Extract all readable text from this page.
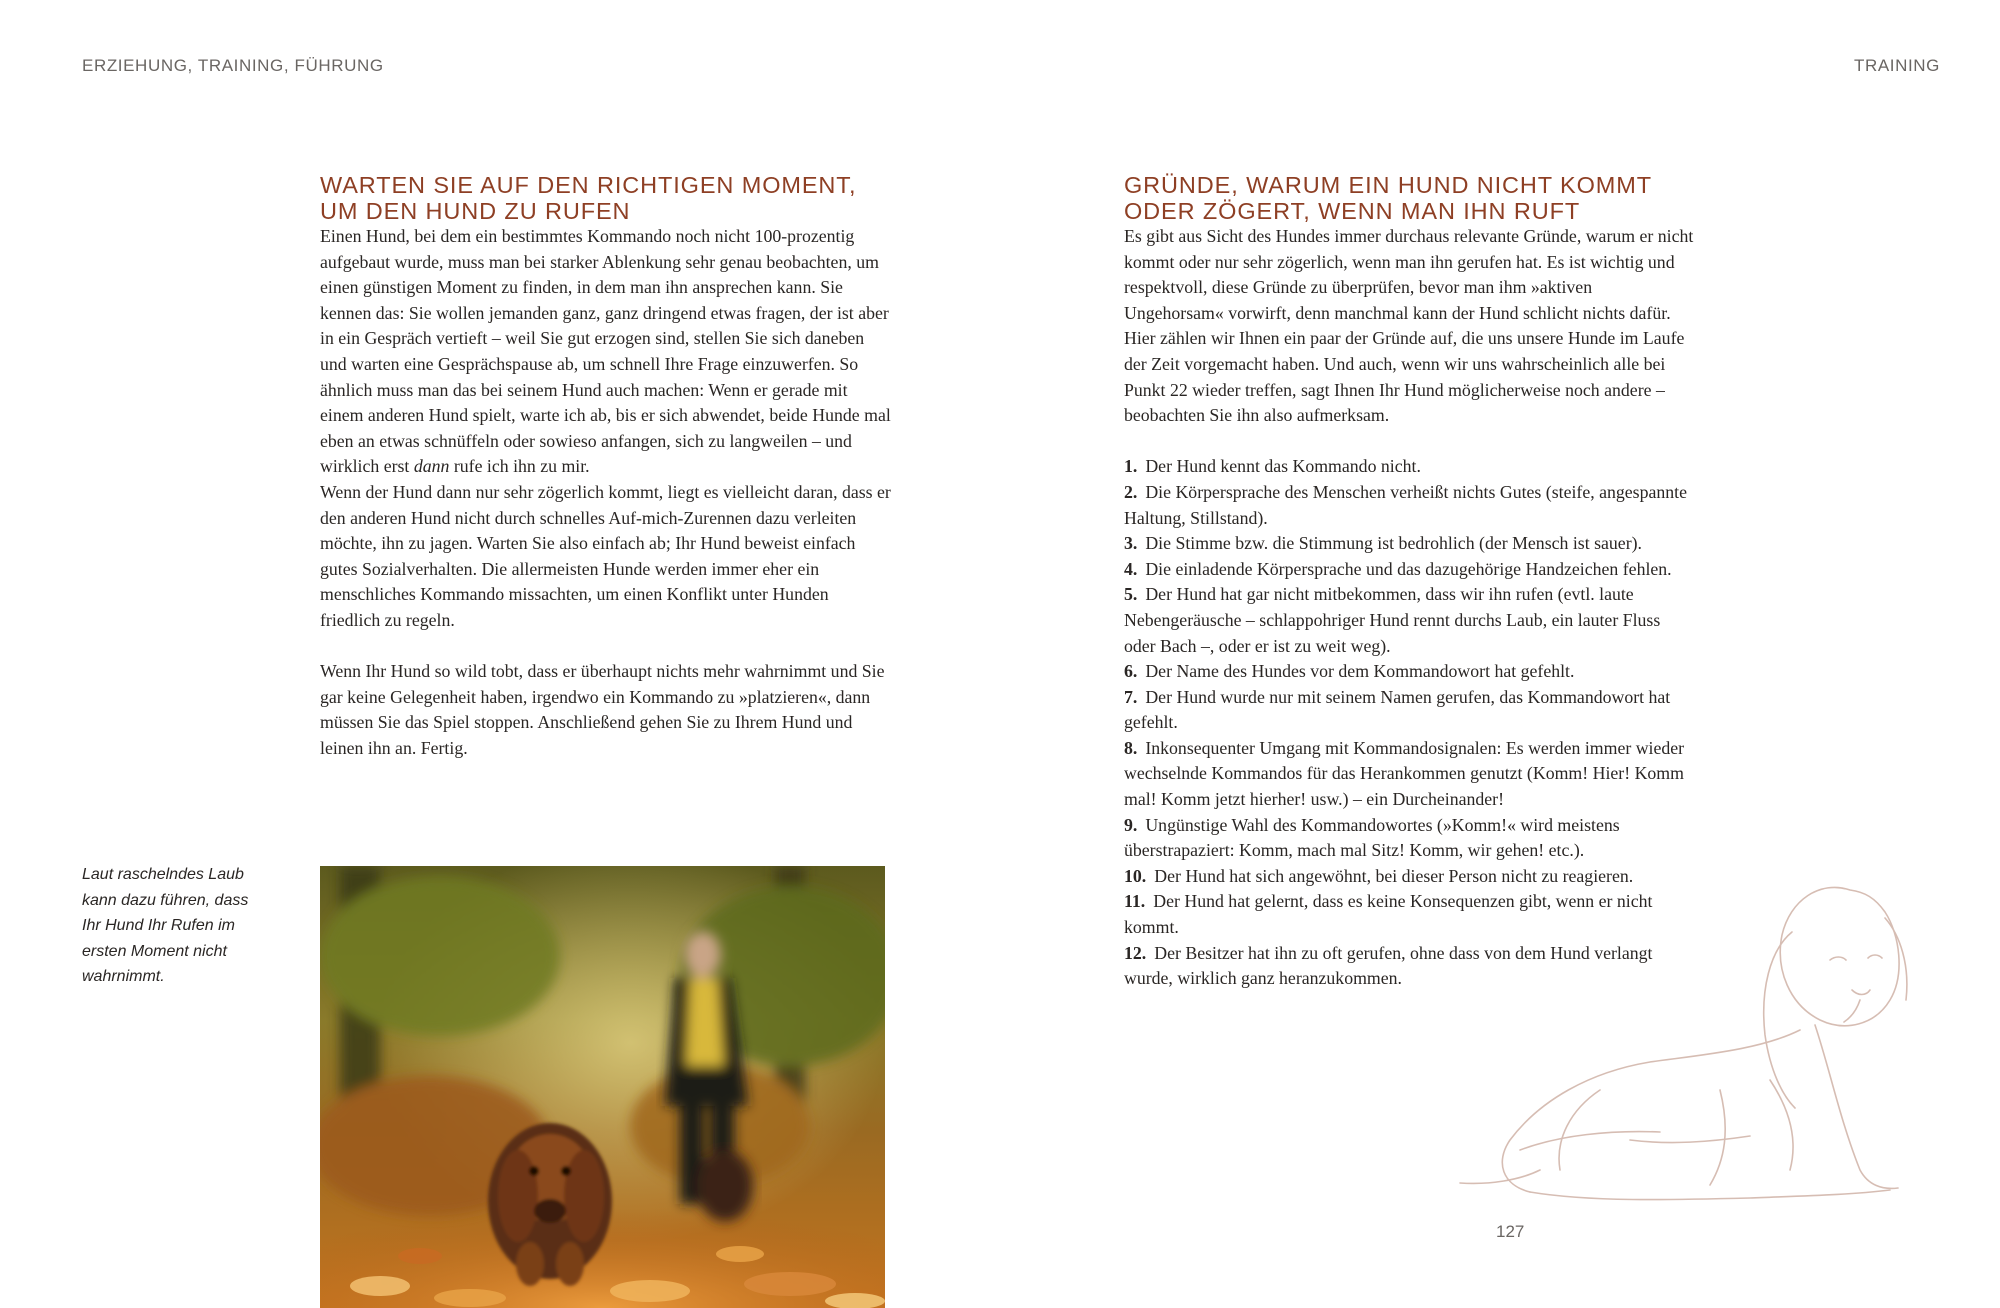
ERZIEHUNG, TRAINING, FÜHRUNG	TRAINING
WARTEN SIE AUF DEN RICHTIGEN MOMENT,
UM DEN HUND ZU RUFEN

Einen Hund, bei dem ein bestimmtes Kommando noch nicht 100-prozentig aufgebaut wurde, muss man bei starker Ablenkung sehr genau beobachten, um einen günstigen Moment zu finden, in dem man ihn ansprechen kann. Sie kennen das: Sie wollen jemanden ganz, ganz dringend etwas fragen, der ist aber in ein Gespräch vertieft – weil Sie gut erzogen sind, stellen Sie sich daneben und warten eine Gesprächspause ab, um schnell Ihre Frage einzuwerfen. So ähnlich muss man das bei seinem Hund auch machen: Wenn er gerade mit einem anderen Hund spielt, warte ich ab, bis er sich abwendet, beide Hunde mal eben an etwas schnüffeln oder sowieso anfangen, sich zu langweilen – und wirklich erst dann rufe ich ihn zu mir.

Wenn der Hund dann nur sehr zögerlich kommt, liegt es vielleicht daran, dass er den anderen Hund nicht durch schnelles Auf-mich-Zurennen dazu verleiten möchte, ihn zu jagen. Warten Sie also einfach ab; Ihr Hund beweist einfach gutes Sozialverhalten. Die allermeisten Hunde werden immer eher ein menschliches Kommando missachten, um einen Konflikt unter Hunden friedlich zu regeln.

Wenn Ihr Hund so wild tobt, dass er überhaupt nichts mehr wahrnimmt und Sie gar keine Gelegenheit haben, irgendwo ein Kommando zu »platzieren«, dann müssen Sie das Spiel stoppen. Anschließend gehen Sie zu Ihrem Hund und leinen ihn an. Fertig.

Laut raschelndes Laub kann dazu führen, dass Ihr Hund Ihr Rufen im ersten Moment nicht wahrnimmt.
GRÜNDE, WARUM EIN HUND NICHT KOMMT
ODER ZÖGERT, WENN MAN IHN RUFT

Es gibt aus Sicht des Hundes immer durchaus relevante Gründe, warum er nicht kommt oder nur sehr zögerlich, wenn man ihn gerufen hat. Es ist wichtig und respektvoll, diese Gründe zu überprüfen, bevor man ihm »aktiven Ungehorsam« vorwirft, denn manchmal kann der Hund schlicht nichts dafür. Hier zählen wir Ihnen ein paar der Gründe auf, die uns unsere Hunde im Laufe der Zeit vorgemacht haben. Und auch, wenn wir uns wahrscheinlich alle bei Punkt 22 wieder treffen, sagt Ihnen Ihr Hund möglicherweise noch andere – beobachten Sie ihn also aufmerksam.

1. Der Hund kennt das Kommando nicht.
2. Die Körpersprache des Menschen verheißt nichts Gutes (steife, angespannte Haltung, Stillstand).
3. Die Stimme bzw. die Stimmung ist bedrohlich (der Mensch ist sauer).
4. Die einladende Körpersprache und das dazugehörige Handzeichen fehlen.
5. Der Hund hat gar nicht mitbekommen, dass wir ihn rufen (evtl. laute Nebengeräusche – schlappohriger Hund rennt durchs Laub, ein lauter Fluss oder Bach –, oder er ist zu weit weg).
6. Der Name des Hundes vor dem Kommandowort hat gefehlt.
7. Der Hund wurde nur mit seinem Namen gerufen, das Kommandowort hat gefehlt.
8. Inkonsequenter Umgang mit Kommandosignalen: Es werden immer wieder wechselnde Kommandos für das Herankommen genutzt (Komm! Hier! Komm mal! Komm jetzt hierher! usw.) – ein Durcheinander!
9. Ungünstige Wahl des Kommandowortes (»Komm!« wird meistens überstrapaziert: Komm, mach mal Sitz! Komm, wir gehen! etc.).
10. Der Hund hat sich angewöhnt, bei dieser Person nicht zu reagieren.
11. Der Hund hat gelernt, dass es keine Konsequenzen gibt, wenn er nicht kommt.
12. Der Besitzer hat ihn zu oft gerufen, ohne dass von dem Hund verlangt wurde, wirklich ganz heranzukommen.
127
